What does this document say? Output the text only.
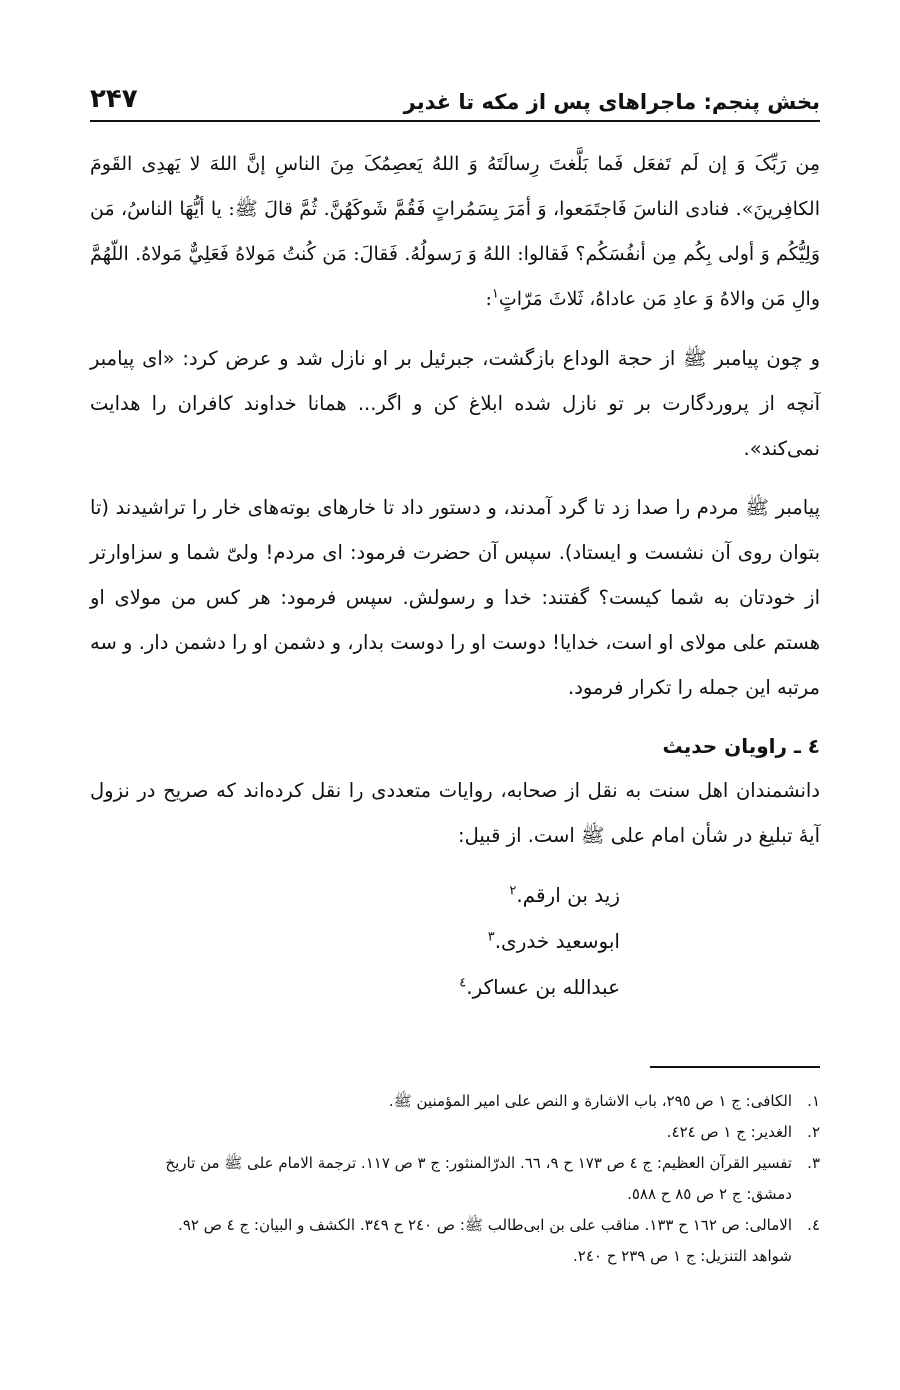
بخش پنجم: ماجراهای پس از مکه تا غدیر
۲۴۷

مِن رَبِّکَ وَ إن لَم تَفعَل فَما بَلَّغتَ رِسالَتَهُ وَ اللهُ يَعصِمُکَ مِنَ الناسِ إنَّ اللهَ لا يَهدِى القَومَ الكافِرينَ». فنادى الناسَ فَاجتَمَعوا، وَ أمَرَ بِسَمُراتٍ فَقُمَّ شَوكَهُنَّ. ثُمَّ قالَ ﷺ: يا أيُّهَا الناسُ، مَن وَلِيُّكُم وَ أولى بِكُم مِن أنفُسَكُم؟ فَقالوا: اللهُ وَ رَسولُهُ. فَقالَ: مَن كُنتُ مَولاهُ فَعَلِيٌّ مَولاهُ. اللّهُمَّ والِ مَن والاهُ وَ عادِ مَن عاداهُ، ثَلاثَ مَرّاتٍ$^١$:

و چون پیامبر ﷺ از حجة الوداع بازگشت، جبرئیل بر او نازل شد و عرض کرد: «ای پیامبر آنچه از پروردگارت بر تو نازل شده ابلاغ کن و اگر... همانا خداوند کافران را هدایت نمی‌کند».

پیامبر ﷺ مردم را صدا زد تا گرد آمدند، و دستور داد تا خارهای بوته‌های خار را تراشیدند (تا بتوان روی آن نشست و ایستاد). سپس آن حضرت فرمود: ای مردم! ولیّ شما و سزاوارتر از خودتان به شما کیست؟ گفتند: خدا و رسولش. سپس فرمود: هر کس من مولای او هستم علی مولای او است، خدایا! دوست او را دوست بدار، و دشمن او را دشمن دار. و سه مرتبه این جمله را تکرار فرمود.

٤ ـ راویان حدیث

دانشمندان اهل سنت به نقل از صحابه، روایات متعددی را نقل کرده‌اند که صریح در نزول آیهٔ تبلیغ در شأن امام علی ﷺ است. از قبیل:

زید بن ارقم.$^٢$
ابوسعید خدری.$^٣$
عبدالله بن عساکر.$^٤$
١.الکافی: ج ١ ص ٢٩٥، باب الاشارة و النص علی امیر المؤمنین ﷺ.
٢.الغدیر: ج ١ ص ٤٢٤.
٣.تفسیر القرآن العظیم: ج ٤ ص ١٧٣ ح ٩، ٦٦. الدرّالمنثور: ج ٣ ص ١١٧. ترجمة الامام علی ﷺ من تاریخ
دمشق: ج ٢ ص ٨٥ ح ٥٨٨.
٤.الامالی: ص ١٦٢ ح ١٣٣. مناقب علی بن ابی‌طالب ﷺ: ص ٢٤٠ ح ٣٤٩. الکشف و البیان: ج ٤ ص ٩٢.
شواهد التنزیل: ج ١ ص ٢٣٩ ح ٢٤٠.
